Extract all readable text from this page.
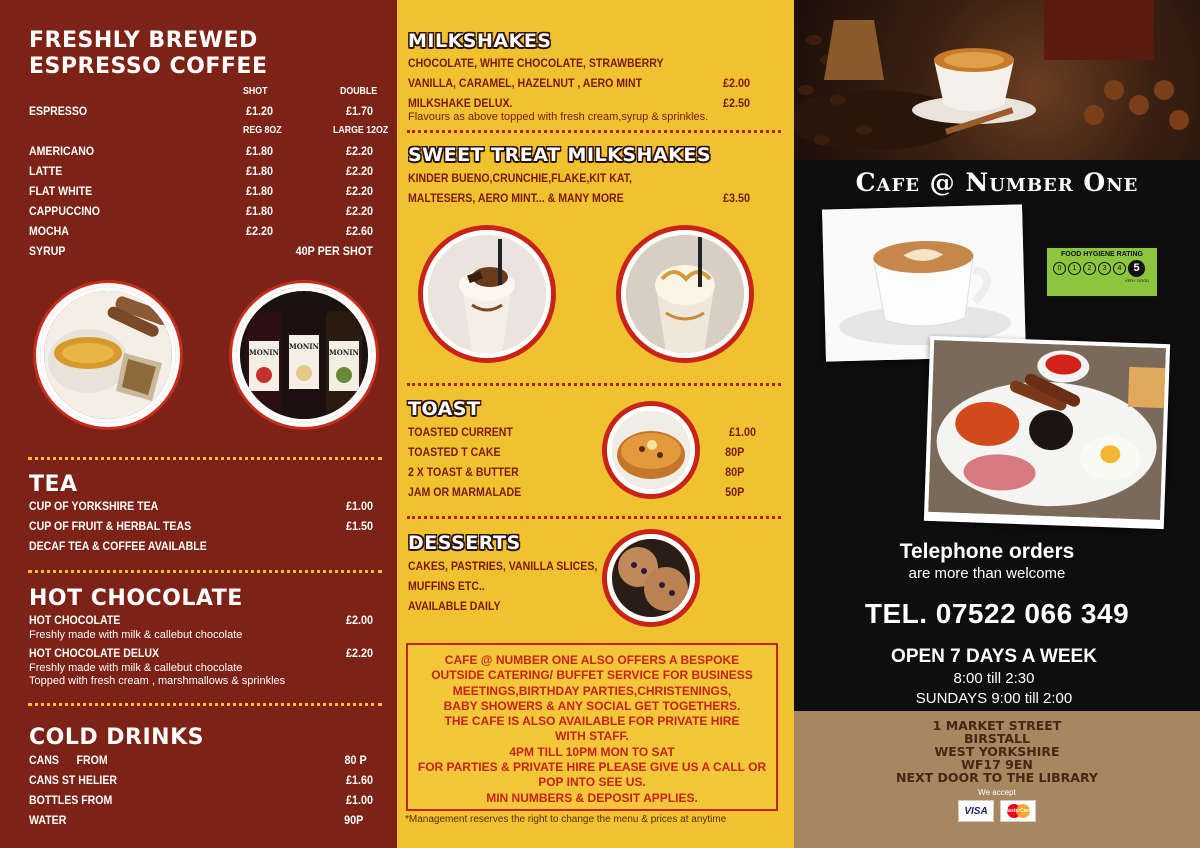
FRESHLY BREWED
ESPRESSO COFFEE
SHOT	DOUBLE
ESPRESSO	£1.20	£1.70
REG 8OZ	LARGE 12OZ
AMERICANO	£1.80	£2.20
LATTE	£1.80	£2.20
FLAT WHITE	£1.80	£2.20
CAPPUCCINO	£1.80	£2.20
MOCHA	£2.20	£2.60
SYRUP	40P PER SHOT
MONIN
MONIN
MONIN
TEA
CUP OF YORKSHIRE TEA	£1.00
CUP OF FRUIT & HERBAL TEAS	£1.50
DECAF TEA & COFFEE AVAILABLE
HOT CHOCOLATE
HOT CHOCOLATE	£2.00
Freshly made with milk & callebut chocolate
HOT CHOCOLATE DELUX	£2.20
Freshly made with milk & callebut chocolate
Topped with fresh cream , marshmallows & sprinkles
COLD DRINKS
CANS      FROM	80 P
CANS ST HELIER	£1.60
BOTTLES FROM	£1.00
WATER	90P
MILKSHAKES
CHOCOLATE, WHITE CHOCOLATE, STRAWBERRY
VANILLA, CARAMEL, HAZELNUT , AERO MINT	£2.00
MILKSHAKE DELUX.	£2.50
Flavours as above topped with fresh cream,syrup & sprinkles.
SWEET TREAT MILKSHAKES
KINDER BUENO,CRUNCHIE,FLAKE,KIT KAT,
MALTESERS, AERO MINT... & MANY MORE	£3.50
TOAST
TOASTED CURRENT	£1.00
TOASTED T CAKE	80P
2 X TOAST & BUTTER	80P
JAM OR MARMALADE	50P
DESSERTS
CAKES, PASTRIES, VANILLA SLICES,
MUFFINS ETC..
AVAILABLE DAILY
CAFE @ NUMBER ONE ALSO OFFERS A BESPOKE
OUTSIDE CATERING/ BUFFET SERVICE FOR BUSINESS
MEETINGS,BIRTHDAY PARTIES,CHRISTENINGS,
BABY SHOWERS & ANY SOCIAL GET TOGETHERS.
THE CAFE IS ALSO AVAILABLE FOR PRIVATE HIRE
WITH STAFF.
4PM TILL 10PM MON TO SAT
FOR PARTIES & PRIVATE HIRE PLEASE GIVE US A CALL OR
POP INTO SEE US.
MIN NUMBERS & DEPOSIT APPLIES.
*Management reserves the right to change the menu & prices at anytime
Cafe @ Number One
FOOD HYGIENE RATING
0	1	2	3	4	5
VERY GOOD
Telephone orders
are more than welcome
TEL. 07522 066 349
OPEN 7 DAYS A WEEK
8:00 till 2:30
SUNDAYS 9:00 till 2:00
1 MARKET STREET
BIRSTALL
WEST YORKSHIRE
WF17 9EN
NEXT DOOR TO THE LIBRARY
We accept
VISA	MasterCard
